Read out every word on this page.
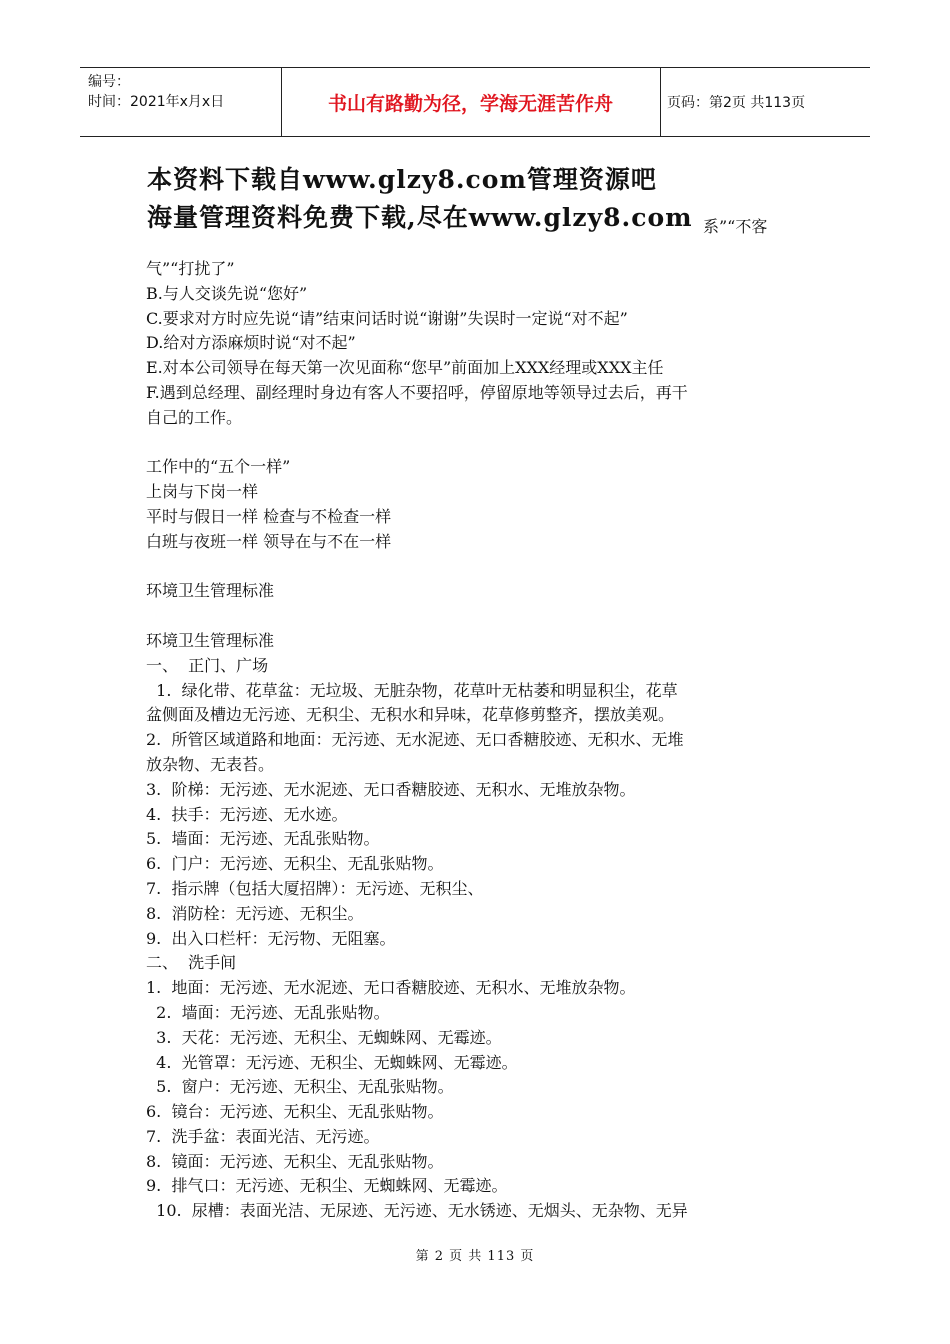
编号：
时间：2021年x月x日	书山有路勤为径，学海无涯苦作舟	页码：第2页 共113页
本资料下载自www.glzy8.com管理资源吧
海量管理资料免费下载,尽在www.glzy8.com 系”“不客
气”“打扰了”
B.与人交谈先说“您好”
C.要求对方时应先说“请”结束问话时说“谢谢”失误时一定说“对不起”
D.给对方添麻烦时说“对不起”
E.对本公司领导在每天第一次见面称“您早”前面加上XXX经理或XXX主任
F.遇到总经理、副经理时身边有客人不要招呼，停留原地等领导过去后，再干
自己的工作。
工作中的“五个一样”
上岗与下岗一样
平时与假日一样 检查与不检查一样
白班与夜班一样 领导在与不在一样
环境卫生管理标准
环境卫生管理标准
一、  正门、广场
1.  绿化带、花草盆：无垃圾、无脏杂物，花草叶无枯萎和明显积尘，花草
盆侧面及槽边无污迹、无积尘、无积水和异味，花草修剪整齐，摆放美观。
2.  所管区域道路和地面：无污迹、无水泥迹、无口香糖胶迹、无积水、无堆
放杂物、无表苔。
3.  阶梯：无污迹、无水泥迹、无口香糖胶迹、无积水、无堆放杂物。
4.  扶手：无污迹、无水迹。
5.  墙面：无污迹、无乱张贴物。
6.  门户：无污迹、无积尘、无乱张贴物。
7.  指示牌（包括大厦招牌）：无污迹、无积尘、
8.  消防栓：无污迹、无积尘。
9.  出入口栏杆：无污物、无阻塞。
二、  洗手间
1.  地面：无污迹、无水泥迹、无口香糖胶迹、无积水、无堆放杂物。
2.  墙面：无污迹、无乱张贴物。
3.  天花：无污迹、无积尘、无蜘蛛网、无霉迹。
4.  光管罩：无污迹、无积尘、无蜘蛛网、无霉迹。
5.  窗户：无污迹、无积尘、无乱张贴物。
6.  镜台：无污迹、无积尘、无乱张贴物。
7.  洗手盆：表面光洁、无污迹。
8.  镜面：无污迹、无积尘、无乱张贴物。
9.  排气口：无污迹、无积尘、无蜘蛛网、无霉迹。
10.  尿槽：表面光洁、无尿迹、无污迹、无水锈迹、无烟头、无杂物、无异
第 2 页 共 113 页
